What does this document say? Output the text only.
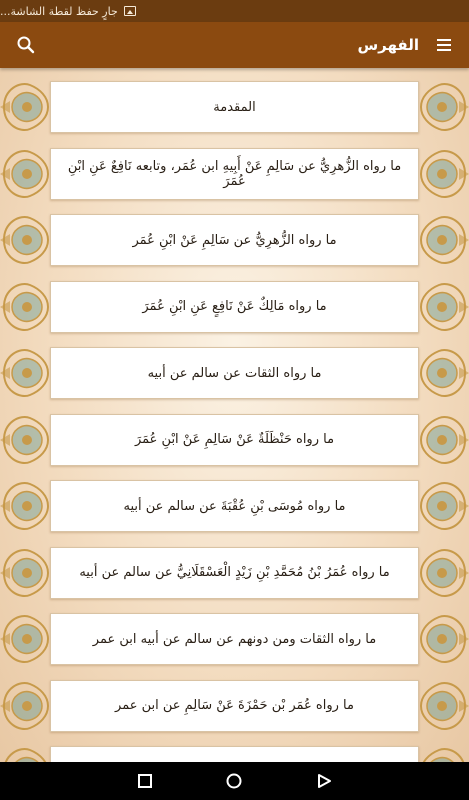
جارٍ حفظ لقطة الشاشة...
الفهرس
المقدمة
ما رواه الزُّهرِيُّ عن سَالِمِ عَنْ أَبِيهِ ابن عُمَر، وتابعه نَافِعٌ عَنِ ابْنِ عُمَرَ
ما رواه الزُّهرِيُّ عن سَالِمِ عَنْ ابْنِ عُمَر
ما رواه مَالِكٌ عَنْ نَافِعٍ عَنِ ابْنِ عُمَرَ
ما رواه الثقات عن سالم عن أبيه
ما رواه حَنْظَلَةٌ عَنْ سَالِمِ عَنْ ابْنِ عُمَرَ
ما رواه مُوسَى بْنِ عُقْبَةَ عن سالم عن أبيه
ما رواه عُمَرُ بْنُ مُحَمَّدِ بْنِ زَيْدٍ الْعَسْقَلَانِيُّ عن سالم عن أبيه
ما رواه الثقات ومن دونهم عن سالم عن أبيه ابن عمر
ما رواه عُمَر بْن حَمْزَةَ عَنْ سَالِمِ عن ابن عمر
